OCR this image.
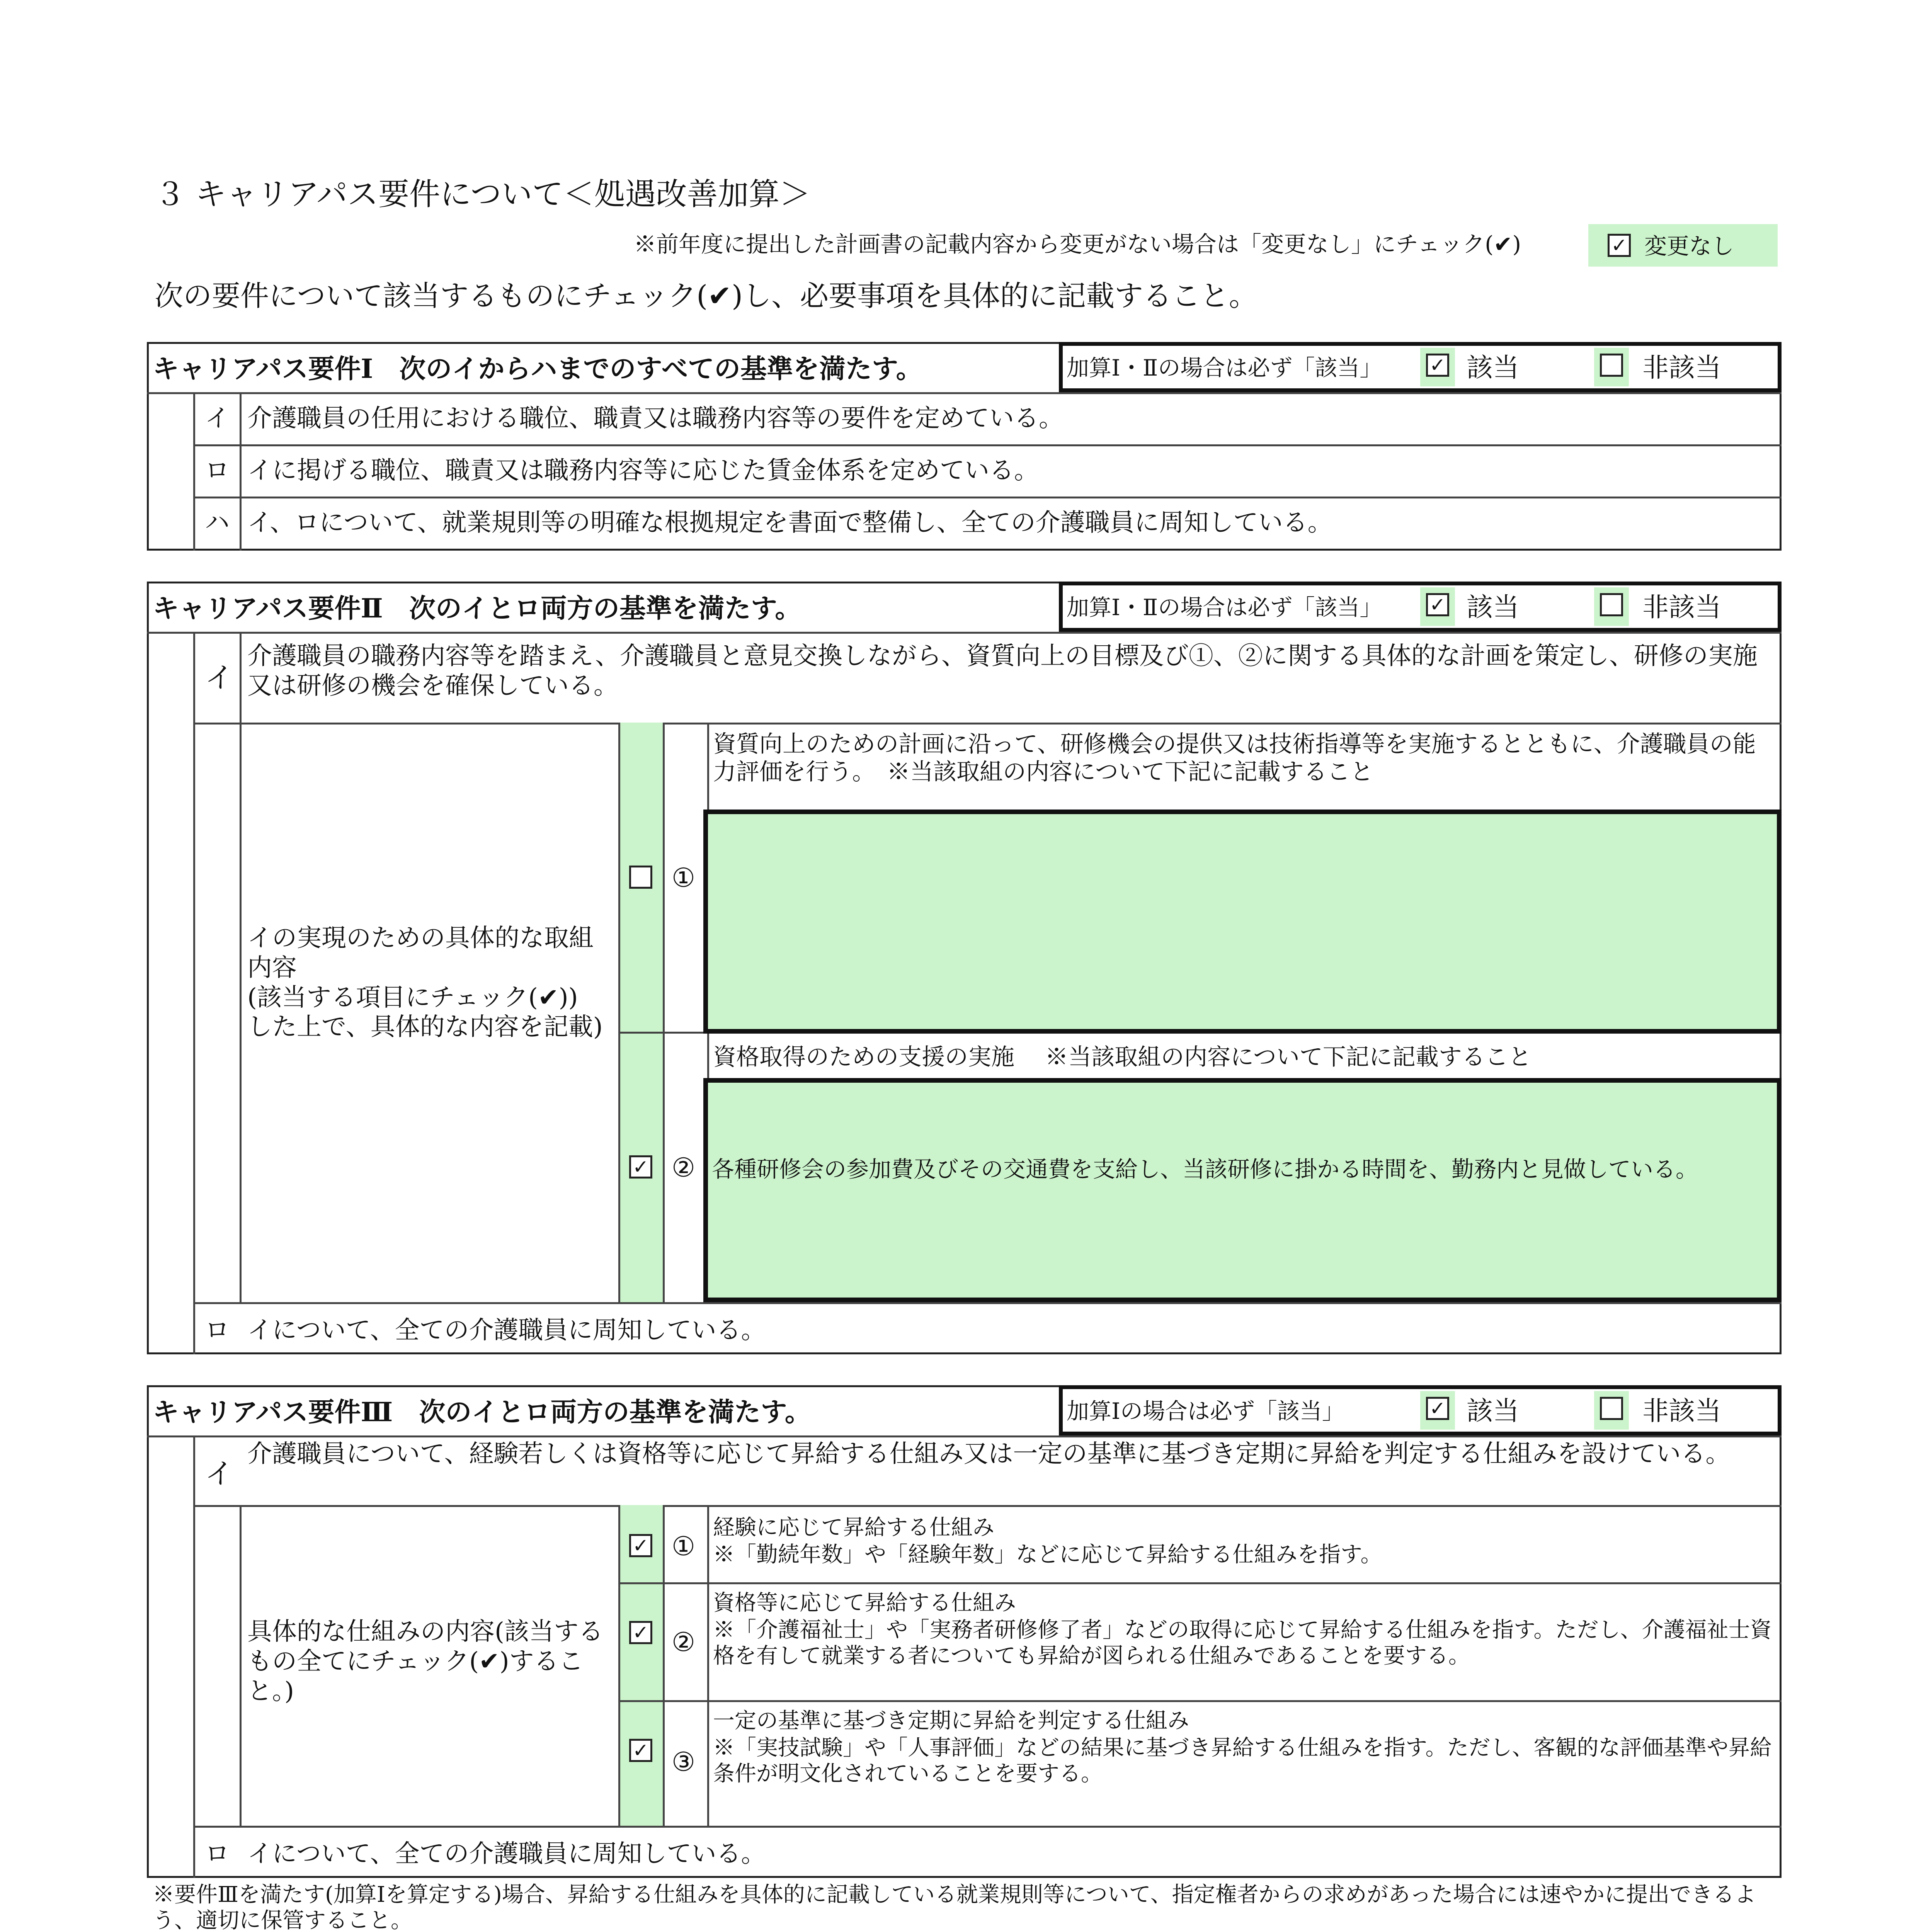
３ キャリアパス要件について＜処遇改善加算＞
※前年度に提出した計画書の記載内容から変更がない場合は「変更なし」にチェック(✔)	✓ 変更なし
次の要件について該当するものにチェック(✔)し、必要事項を具体的に記載すること。
キャリアパス要件Ⅰ　次のイからハまでのすべての基準を満たす。	加算Ⅰ・Ⅱの場合は必ず「該当」 ✓ 該当	非該当
イ 介護職員の任用における職位、職責又は職務内容等の要件を定めている。
ロ イに掲げる職位、職責又は職務内容等に応じた賃金体系を定めている。
ハ イ、ロについて、就業規則等の明確な根拠規定を書面で整備し、全ての介護職員に周知している。
キャリアパス要件Ⅱ　次のイとロ両方の基準を満たす。	加算Ⅰ・Ⅱの場合は必ず「該当」 ✓ 該当	非該当
イ
介護職員の職務内容等を踏まえ、介護職員と意見交換しながら、資質向上の目標及び①、②に関する具体的な計画を策定し、研修の実施又は研修の機会を確保している。
イの実現のための具体的な取組内容
(該当する項目にチェック(✔))
した上で、具体的な内容を記載)
①
資質向上のための計画に沿って、研修機会の提供又は技術指導等を実施するとともに、介護職員の能力評価を行う。　※当該取組の内容について下記に記載すること
✓ ②
資格取得のための支援の実施　 ※当該取組の内容について下記に記載すること
各種研修会の参加費及びその交通費を支給し、当該研修に掛かる時間を、勤務内と見做している。
ロ イについて、全ての介護職員に周知している。
キャリアパス要件Ⅲ　次のイとロ両方の基準を満たす。	加算Ⅰの場合は必ず「該当」	✓ 該当	非該当
イ
介護職員について、経験若しくは資格等に応じて昇給する仕組み又は一定の基準に基づき定期に昇給を判定する仕組みを設けている。
具体的な仕組みの内容(該当するもの全てにチェック(✔)すること。)
✓ ①
経験に応じて昇給する仕組み
※「勤続年数」や「経験年数」などに応じて昇給する仕組みを指す。
✓ ②
資格等に応じて昇給する仕組み
※「介護福祉士」や「実務者研修修了者」などの取得に応じて昇給する仕組みを指す。ただし、介護福祉士資格を有して就業する者についても昇給が図られる仕組みであることを要する。
✓ ③
一定の基準に基づき定期に昇給を判定する仕組み
※「実技試験」や「人事評価」などの結果に基づき昇給する仕組みを指す。ただし、客観的な評価基準や昇給条件が明文化されていることを要する。
ロ イについて、全ての介護職員に周知している。
※要件Ⅲを満たす(加算Ⅰを算定する)場合、昇給する仕組みを具体的に記載している就業規則等について、指定権者からの求めがあった場合には速やかに提出できるよう、適切に保管すること。
